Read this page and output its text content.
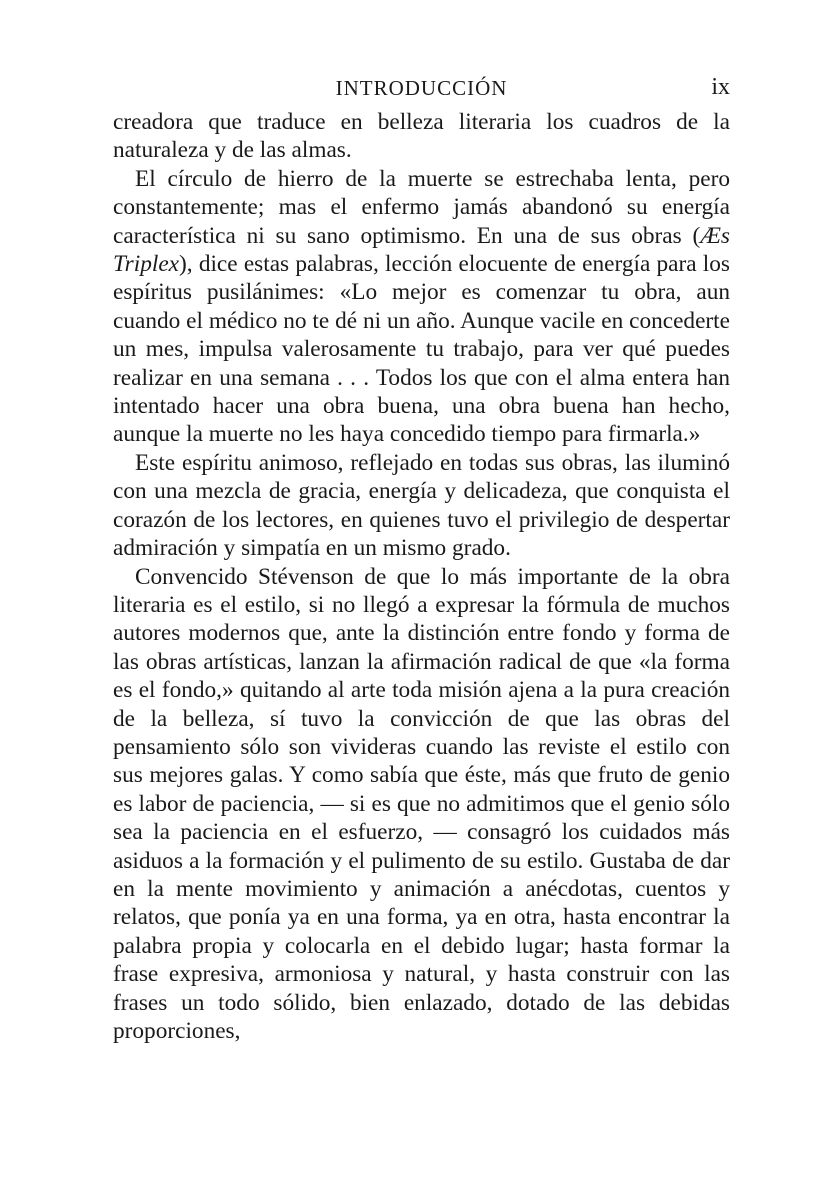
INTRODUCCIÓN	ix

creadora que traduce en belleza literaria los cuadros de la naturaleza y de las almas.

El círculo de hierro de la muerte se estrechaba lenta, pero constantemente; mas el enfermo jamás abandonó su energía característica ni su sano optimismo. En una de sus obras (Æs Triplex), dice estas palabras, lección elocuente de energía para los espíritus pusilánimes: «Lo mejor es comenzar tu obra, aun cuando el médico no te dé ni un año. Aunque vacile en concederte un mes, impulsa valerosamente tu trabajo, para ver qué puedes realizar en una semana . . . Todos los que con el alma entera han intentado hacer una obra buena, una obra buena han hecho, aunque la muerte no les haya concedido tiempo para firmarla.»

Este espíritu animoso, reflejado en todas sus obras, las iluminó con una mezcla de gracia, energía y delicadeza, que conquista el corazón de los lectores, en quienes tuvo el privilegio de despertar admiración y simpatía en un mismo grado.

Convencido Stévenson de que lo más importante de la obra literaria es el estilo, si no llegó a expresar la fórmula de muchos autores modernos que, ante la distinción entre fondo y forma de las obras artísticas, lanzan la afirmación radical de que «la forma es el fondo,» quitando al arte toda misión ajena a la pura creación de la belleza, sí tuvo la convicción de que las obras del pensamiento sólo son vivideras cuando las reviste el estilo con sus mejores galas. Y como sabía que éste, más que fruto de genio es labor de paciencia, — si es que no admitimos que el genio sólo sea la paciencia en el esfuerzo, — consagró los cuidados más asiduos a la formación y el pulimento de su estilo. Gustaba de dar en la mente movimiento y animación a anécdotas, cuentos y relatos, que ponía ya en una forma, ya en otra, hasta encontrar la palabra propia y colocarla en el debido lugar; hasta formar la frase expresiva, armoniosa y natural, y hasta construir con las frases un todo sólido, bien enlazado, dotado de las debidas proporciones,
